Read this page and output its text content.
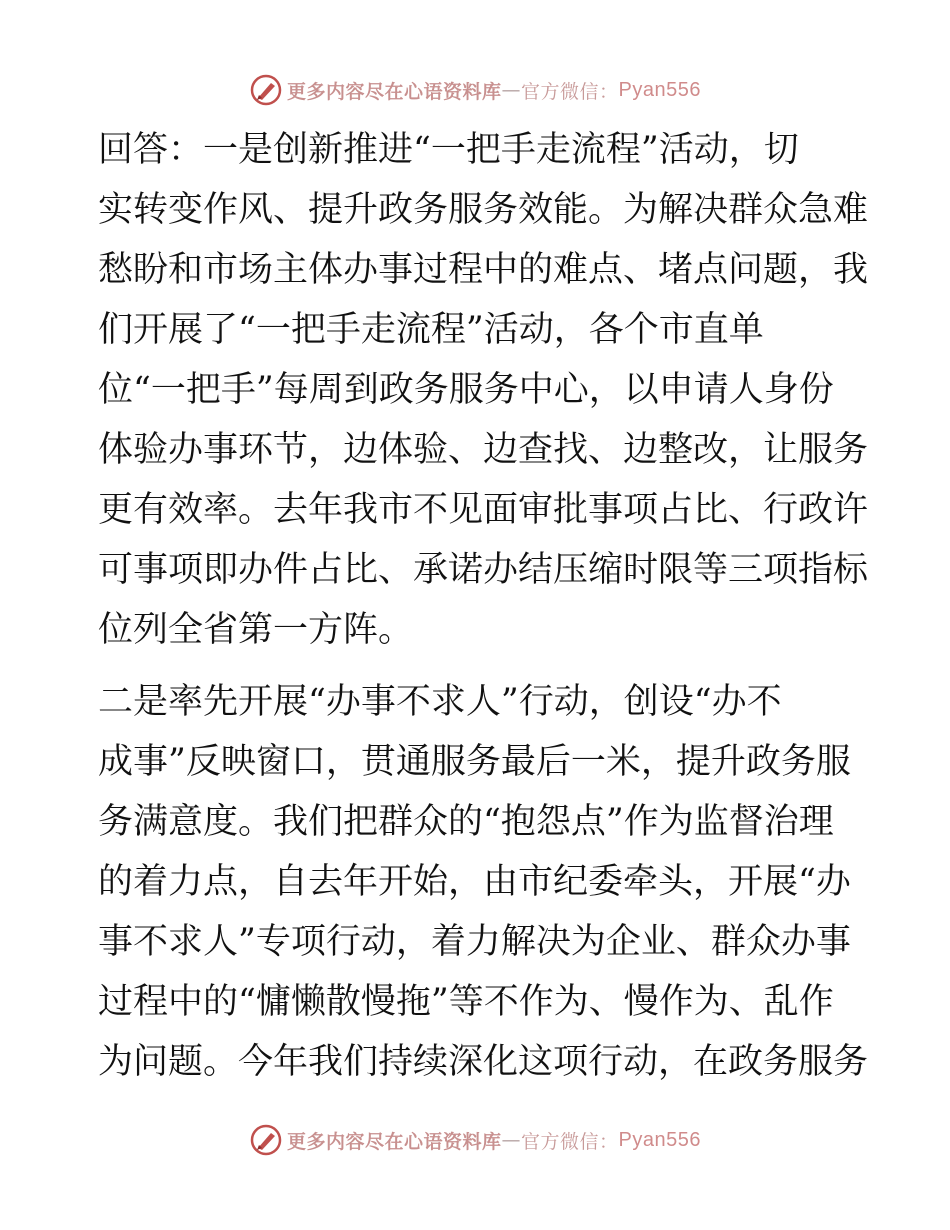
更多内容尽在心语资料库 — 官方微信： Pyan556

回答：一是创新推进“一把手走流程”活动，切
实转变作风、提升政务服务效能。为解决群众急难
愁盼和市场主体办事过程中的难点、堵点问题，我
们开展了“一把手走流程”活动，各个市直单
位“一把手”每周到政务服务中心，以申请人身份
体验办事环节，边体验、边查找、边整改，让服务
更有效率。去年我市不见面审批事项占比、行政许
可事项即办件占比、承诺办结压缩时限等三项指标
位列全省第一方阵。

二是率先开展“办事不求人”行动，创设“办不
成事”反映窗口，贯通服务最后一米，提升政务服
务满意度。我们把群众的“抱怨点”作为监督治理
的着力点，自去年开始，由市纪委牵头，开展“办
事不求人”专项行动，着力解决为企业、群众办事
过程中的“慵懒散慢拖”等不作为、慢作为、乱作
为问题。今年我们持续深化这项行动，在政务服务

更多内容尽在心语资料库 — 官方微信： Pyan556
